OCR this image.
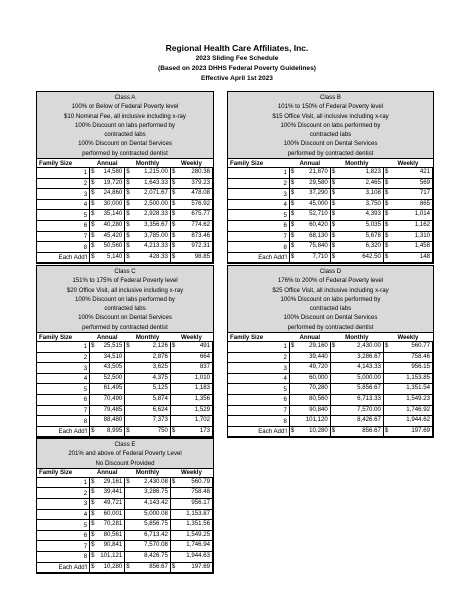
Regional Health Care Affiliates, Inc.
2023 Sliding Fee Schedule
(Based on 2023 DHHS Federal Poverty Guidelines)
Effective April 1st 2023
Class A
100% or Below of Federal Poverty level
$10 Nominal Fee, all inclusive including x-ray
100% Discount on labs performed by
contracted labs
100% Discount on Dental Services
performed by contracted dentist
Family Size	Annual	Monthly	Weekly
1	$ 14,580	$ 1,215.00	$ 280.38

2	$ 19,720	$ 1,643.33	$ 379.23

3	$ 24,860	$ 2,071.67	$ 478.08

4	$ 30,000	$ 2,500.00	$ 576.92

5	$ 35,140	$ 2,928.33	$ 675.77

6	$ 40,280	$ 3,356.67	$ 774.62

7	$ 45,420	$ 3,785.00	$ 873.46

8	$ 50,560	$ 4,213.33	$ 972.31

Each Add'l	$ 5,140	$ 428.33	$ 98.85
Class B
101% to 150% of Federal Poverty level
$15 Office Visit, all inclusive including x-ray
100% Discount on labs performed by
contracted labs
100% Discount on Dental Services
performed by contracted dentist
Family Size	Annual	Monthly	Weekly
1	$ 21,870	$ 1,823	$ 421

2	$ 29,580	$ 2,465	$ 569

3	$ 37,290	$ 3,108	$ 717

4	$ 45,000	$ 3,750	$ 865

5	$ 52,710	$ 4,393	$ 1,014

6	$ 60,420	$ 5,035	$ 1,162

7	$ 68,130	$ 5,678	$ 1,310

8	$ 75,840	$ 6,320	$ 1,458

Each Add'l	$ 7,710	$ 642.50	$ 148
Class C
151% to 175% of Federal Poverty level
$20 Office Visit, all inclusive including x-ray
100% Discount on labs performed by
contracted labs
100% Discount on Dental Services
performed by contracted dentist
Family Size	Annual	Monthly	Weekly
1	$ 25,515	$ 2,126	$ 491

2	34,510	2,876	664

3	43,505	3,625	837

4	52,500	4,375	1,010

5	61,495	5,125	1,183

6	70,490	5,874	1,356

7	79,485	6,624	1,529

8	88,480	7,373	1,702

Each Add'l	$ 8,995	$ 750	$ 173
Class D
176% to 200% of Federal Poverty level
$25 Office Visit, all inclusive including x-ray
100% Discount on labs performed by
contracted labs
100% Discount on Dental Services
performed by contracted dentist
Family Size	Annual	Monthly	Weekly
1	$ 29,160	$ 2,430.00	$ 560.77

2	39,440	3,286.67	758.46

3	49,720	4,143.33	956.15

4	60,000	5,000.00	1,153.85

5	70,280	5,856.67	1,351.54

6	80,560	6,713.33	1,549.23

7	90,840	7,570.00	1,746.92

8	101,120	8,426.67	1,944.62

Each Add'l	$ 10,280	$ 856.67	$ 197.69
Class E
201% and above of Federal Poverty Level
No Discount Provided
Family Size	Annual	Monthly	Weekly
1	$ 29,161	$ 2,430.08	$ 560.79

2	$ 39,441	3,286.75	758.48

3	$ 49,721	4,143.42	956.17

4	$ 60,001	5,000.08	1,153.87

5	$ 70,281	5,856.75	1,351.56

6	$ 80,561	6,713.42	1,549.25

7	$ 90,841	7,570.08	1,746.94

8	$ 101,121	8,426.75	1,944.63

Each Add'l	$ 10,280	$ 856.67	$ 197.69
